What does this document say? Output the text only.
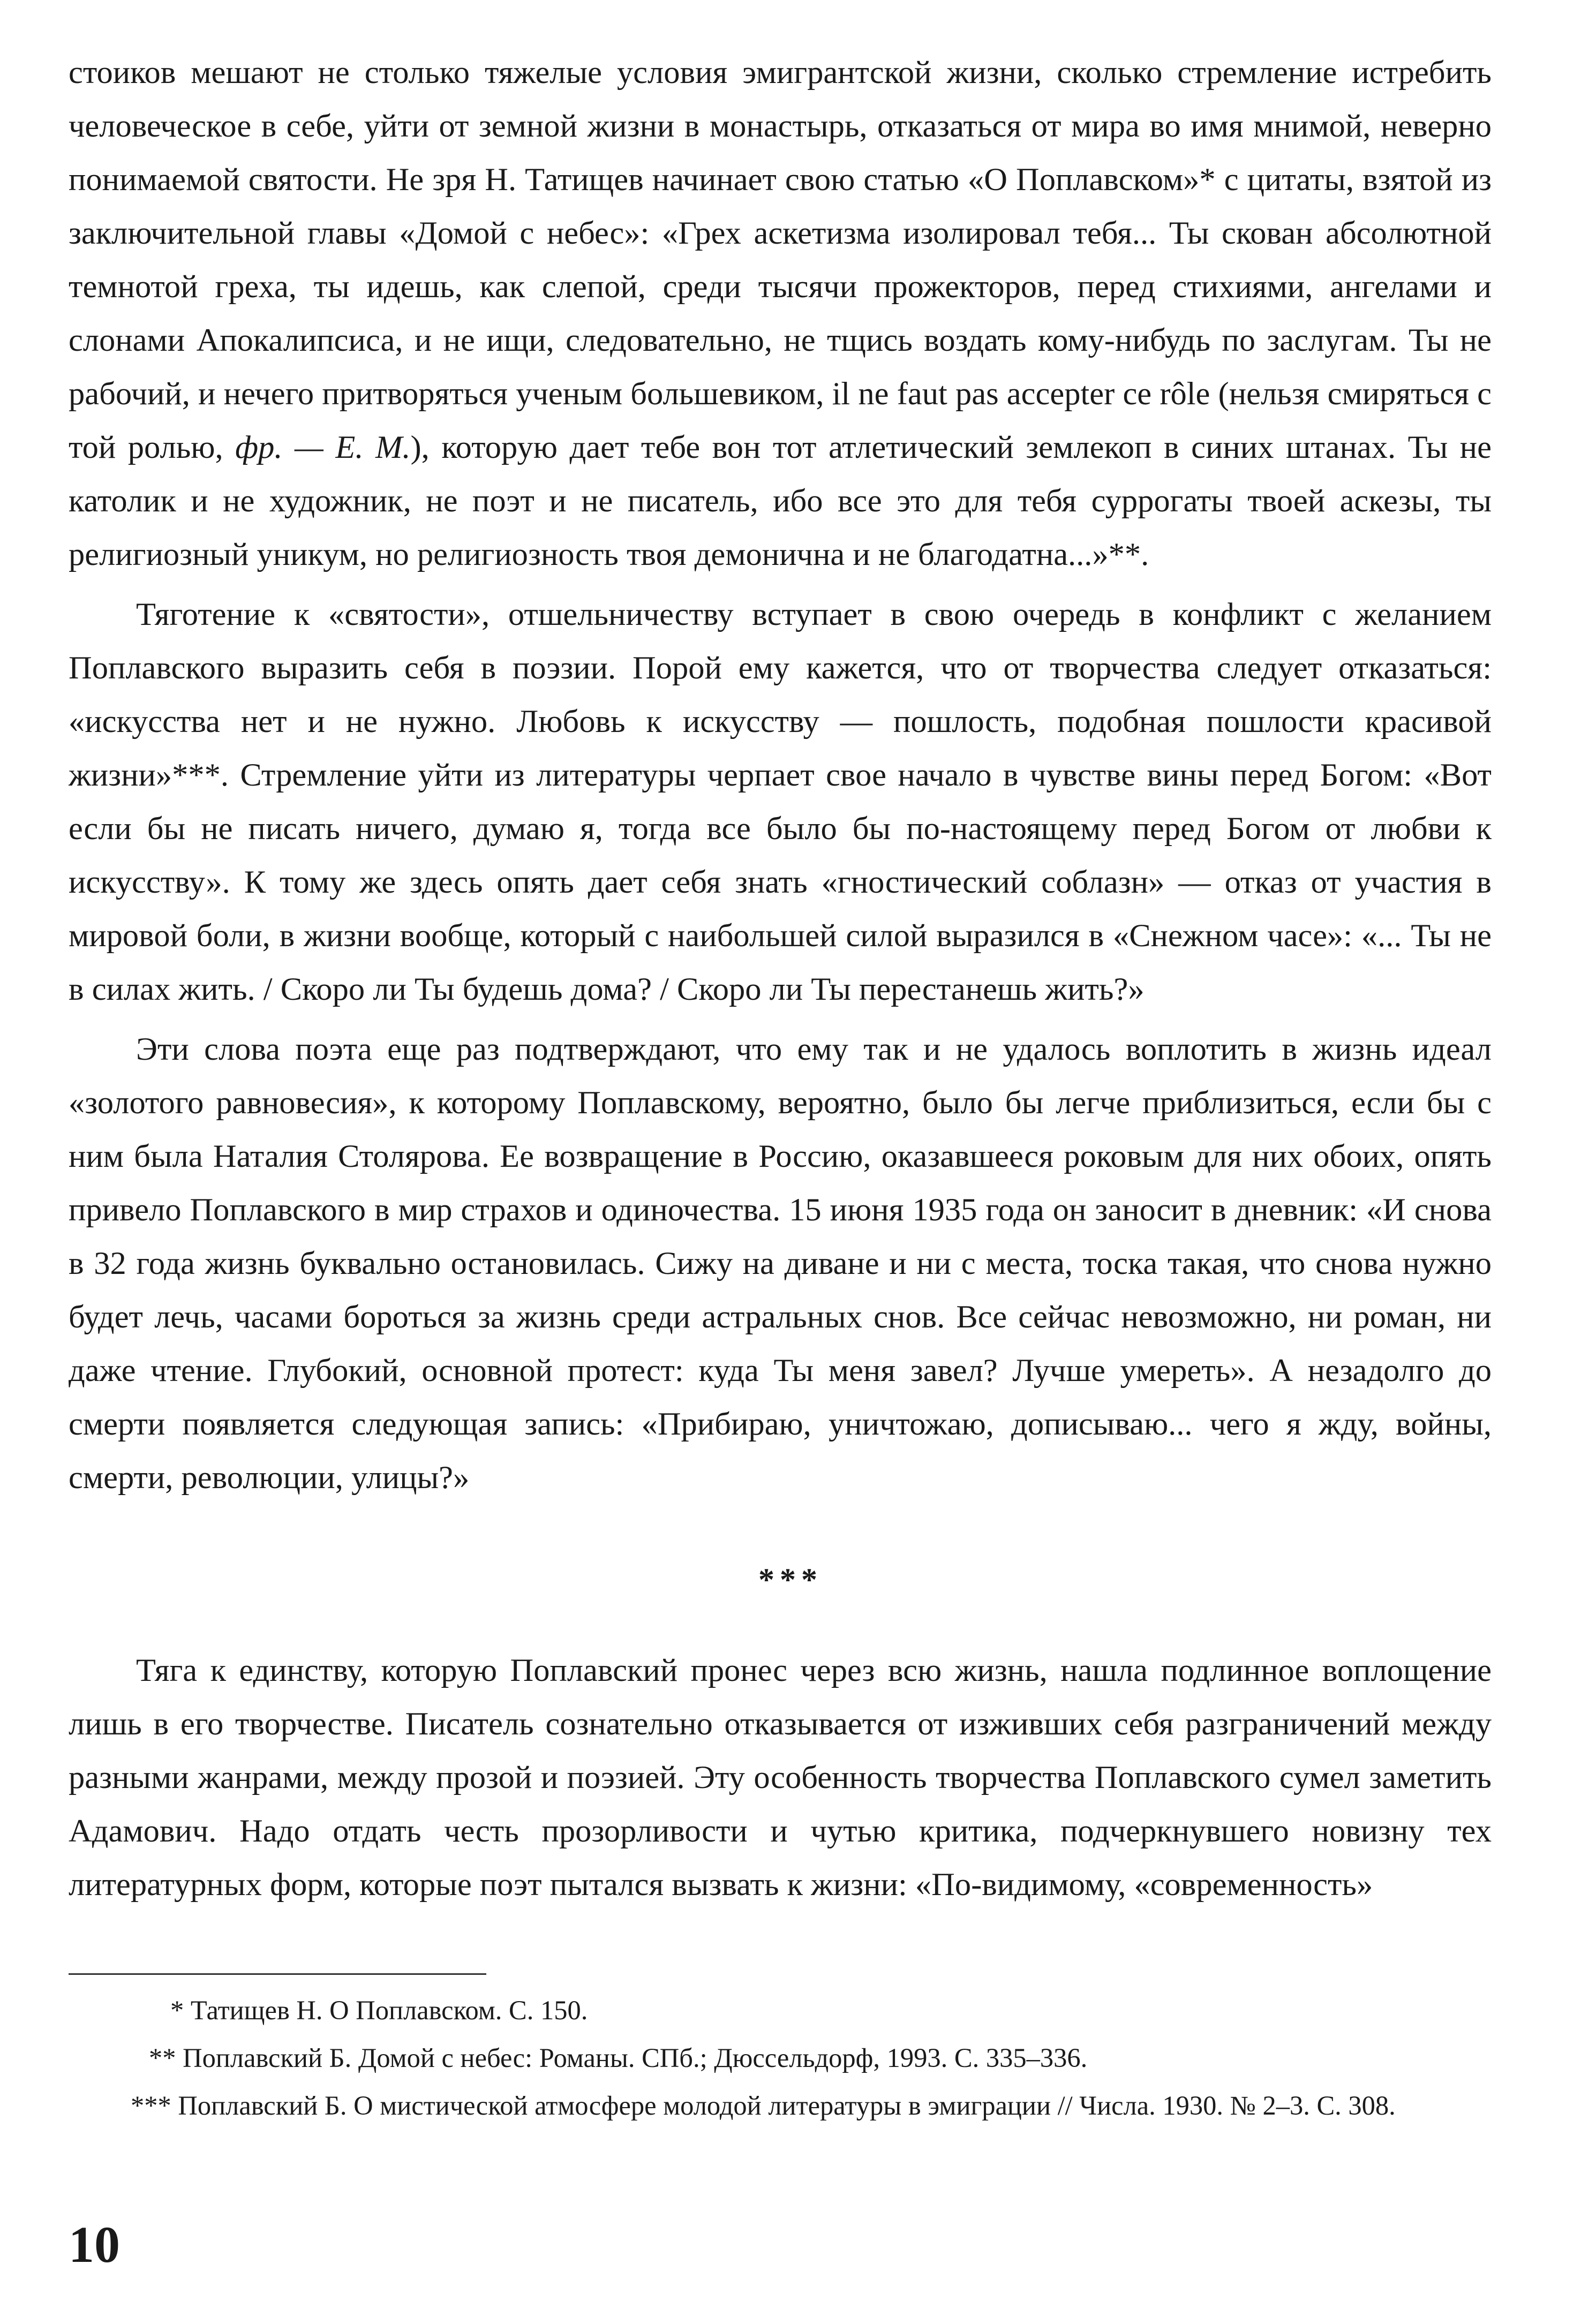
стоиков мешают не столько тяжелые условия эмигрантской жизни, сколько стремление истребить человеческое в себе, уйти от земной жизни в монастырь, отказаться от мира во имя мнимой, неверно понимаемой святости. Не зря Н. Татищев начинает свою статью «О Поплавском»* с цитаты, взятой из заключительной главы «Домой с небес»: «Грех аскетизма изолировал тебя... Ты скован абсолютной темнотой греха, ты идешь, как слепой, среди тысячи прожекторов, перед стихиями, ангелами и слонами Апокалипсиса, и не ищи, следовательно, не тщись воздать кому-нибудь по заслугам. Ты не рабочий, и нечего притворяться ученым большевиком, il ne faut pas accepter ce rôle (нельзя смиряться с той ролью, фр. — Е. М.), которую дает тебе вон тот атлетический землекоп в синих штанах. Ты не католик и не художник, не поэт и не писатель, ибо все это для тебя суррогаты твоей аскезы, ты религиозный уникум, но религиозность твоя демонична и не благодатна...»**.

Тяготение к «святости», отшельничеству вступает в свою очередь в конфликт с желанием Поплавского выразить себя в поэзии. Порой ему кажется, что от творчества следует отказаться: «искусства нет и не нужно. Любовь к искусству — пошлость, подобная пошлости красивой жизни»***. Стремление уйти из литературы черпает свое начало в чувстве вины перед Богом: «Вот если бы не писать ничего, думаю я, тогда все было бы по-настоящему перед Богом от любви к искусству». К тому же здесь опять дает себя знать «гностический соблазн» — отказ от участия в мировой боли, в жизни вообще, который с наибольшей силой выразился в «Снежном часе»: «... Ты не в силах жить. / Скоро ли Ты будешь дома? / Скоро ли Ты перестанешь жить?»

Эти слова поэта еще раз подтверждают, что ему так и не удалось воплотить в жизнь идеал «золотого равновесия», к которому Поплавскому, вероятно, было бы легче приблизиться, если бы с ним была Наталия Столярова. Ее возвращение в Россию, оказавшееся роковым для них обоих, опять привело Поплавского в мир страхов и одиночества. 15 июня 1935 года он заносит в дневник: «И снова в 32 года жизнь буквально остановилась. Сижу на диване и ни с места, тоска такая, что снова нужно будет лечь, часами бороться за жизнь среди астральных снов. Все сейчас невозможно, ни роман, ни даже чтение. Глубокий, основной протест: куда Ты меня завел? Лучше умереть». А незадолго до смерти появляется следующая запись: «Прибираю, уничтожаю, дописываю... чего я жду, войны, смерти, революции, улицы?»

***

Тяга к единству, которую Поплавский пронес через всю жизнь, нашла подлинное воплощение лишь в его творчестве. Писатель сознательно отказывается от изживших себя разграничений между разными жанрами, между прозой и поэзией. Эту особенность творчества Поплавского сумел заметить Адамович. Надо отдать честь прозорливости и чутью критика, подчеркнувшего новизну тех литературных форм, которые поэт пытался вызвать к жизни: «По-видимому, «современность»

* Татищев Н. О Поплавском. С. 150.

** Поплавский Б. Домой с небес: Романы. СПб.; Дюссельдорф, 1993. С. 335–336.

*** Поплавский Б. О мистической атмосфере молодой литературы в эмиграции // Числа. 1930. № 2–3. С. 308.

10
